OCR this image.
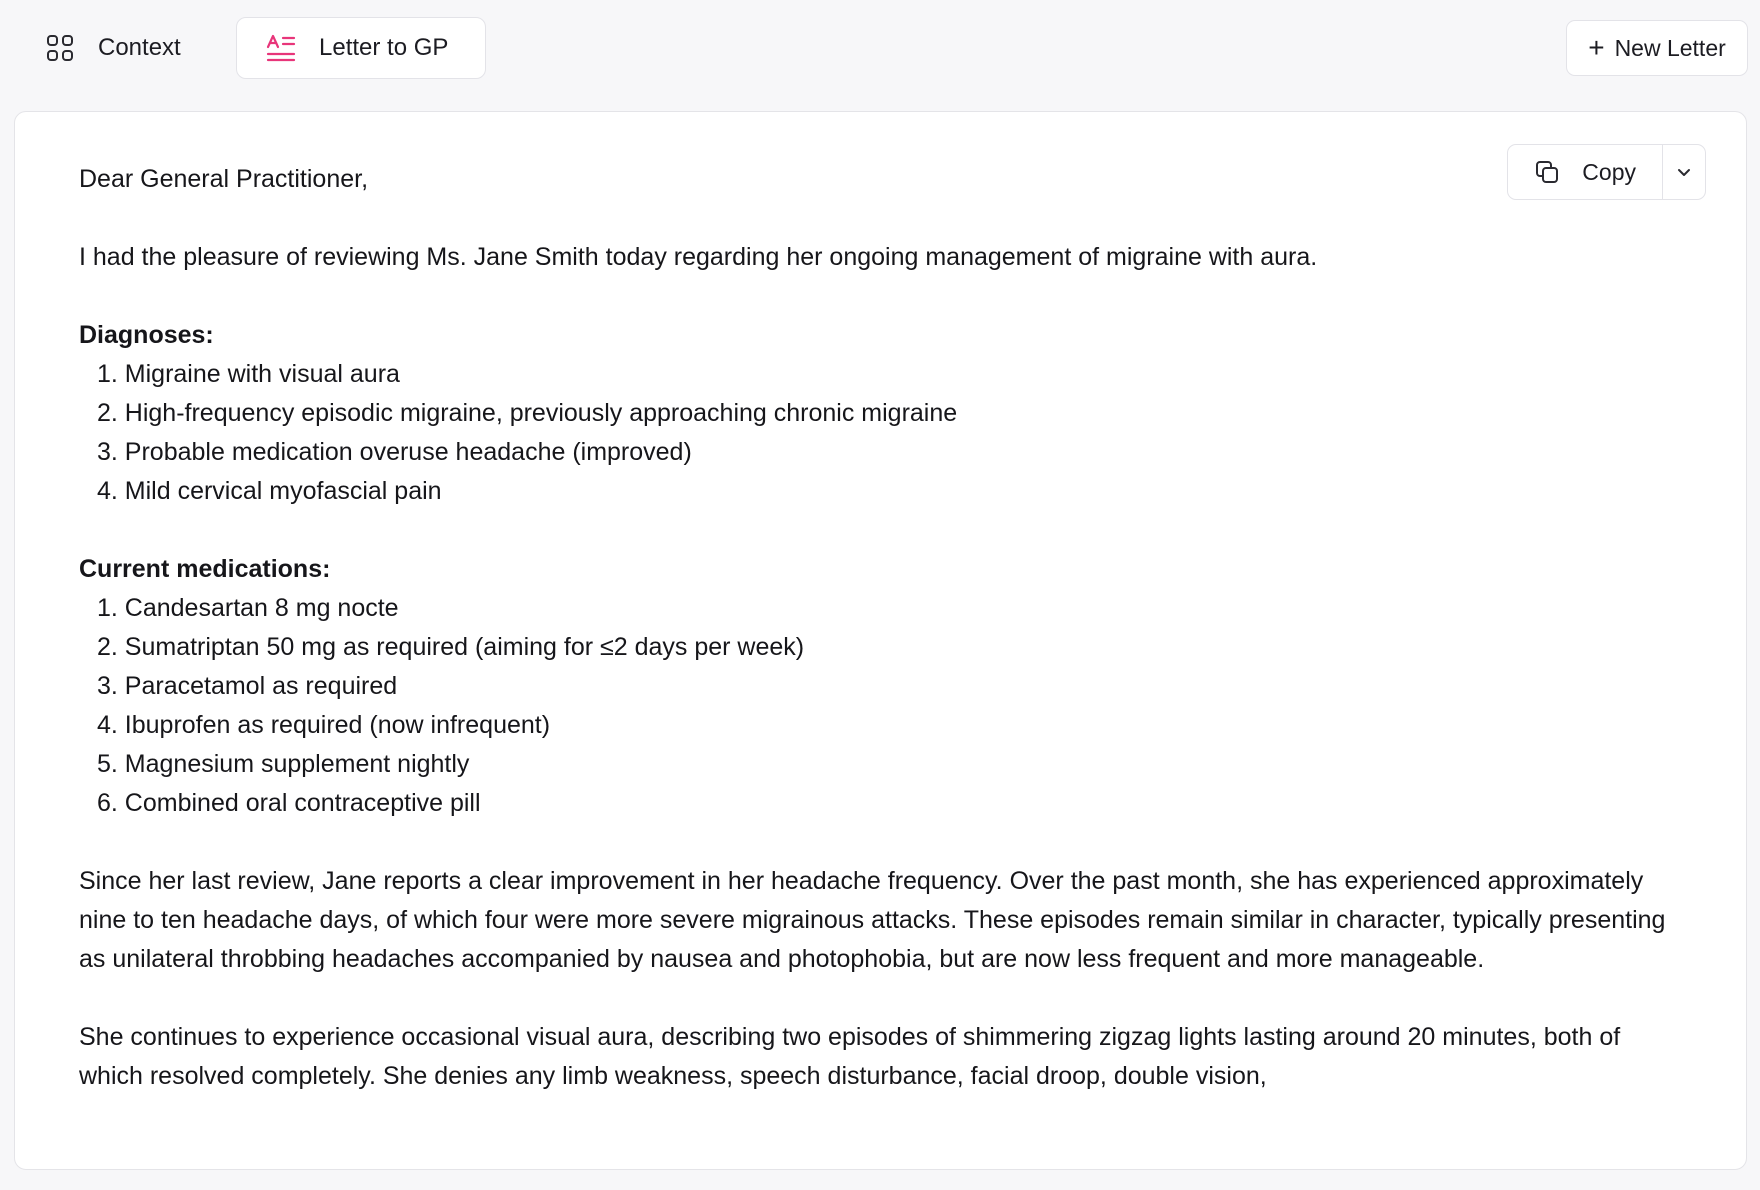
Context	Letter to GP	+ New Letter
Copy

Dear General Practitioner,

I had the pleasure of reviewing Ms. Jane Smith today regarding her ongoing management of migraine with aura.

Diagnoses:
1. Migraine with visual aura
2. High-frequency episodic migraine, previously approaching chronic migraine
3. Probable medication overuse headache (improved)
4. Mild cervical myofascial pain
Current medications:
1. Candesartan 8 mg nocte
2. Sumatriptan 50 mg as required (aiming for ≤2 days per week)
3. Paracetamol as required
4. Ibuprofen as required (now infrequent)
5. Magnesium supplement nightly
6. Combined oral contraceptive pill

Since her last review, Jane reports a clear improvement in her headache frequency. Over the past month, she has experienced approximately nine to ten headache days, of which four were more severe migrainous attacks. These episodes remain similar in character, typically presenting as unilateral throbbing headaches accompanied by nausea and photophobia, but are now less frequent and more manageable.

She continues to experience occasional visual aura, describing two episodes of shimmering zigzag lights lasting around 20 minutes, both of which resolved completely. She denies any limb weakness, speech disturbance, facial droop, double vision,
